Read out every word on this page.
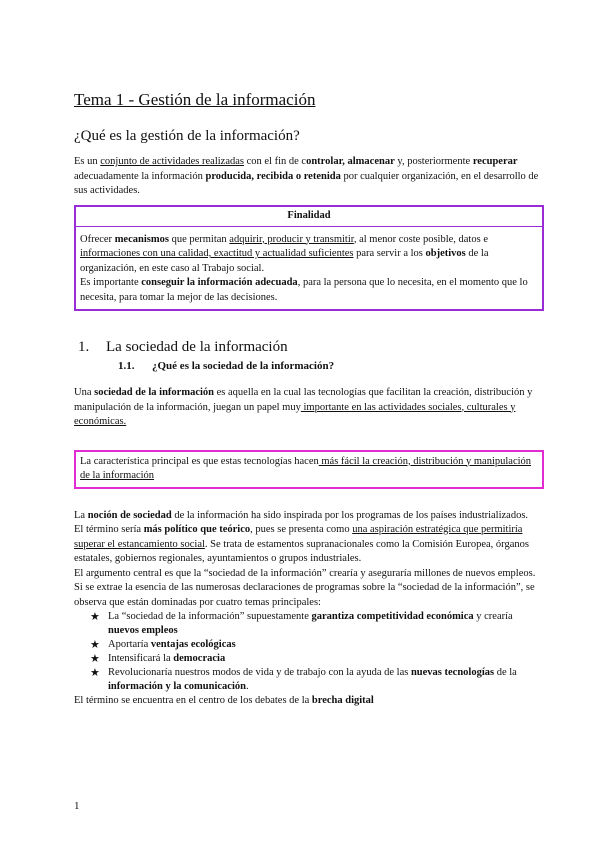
Tema 1 - Gestión de la información
¿Qué es la gestión de la información?

Es un conjunto de actividades realizadas con el fin de controlar, almacenar y, posteriormente recuperar adecuadamente la información producida, recibida o retenida por cualquier organización, en el desarrollo de sus actividades.

Finalidad

Ofrecer mecanismos que permitan adquirir, producir y transmitir, al menor coste posible, datos e informaciones con una calidad, exactitud y actualidad suficientes para servir a los objetivos de la organización, en este caso al Trabajo social.

Es importante conseguir la información adecuada, para la persona que lo necesita, en el momento que lo necesita, para tomar la mejor de las decisiones.

1.	La sociedad de la información
1.1.	¿Qué es la sociedad de la información?

Una sociedad de la información es aquella en la cual las tecnologías que facilitan la creación, distribución y manipulación de la información, juegan un papel muy importante en las actividades sociales, culturales y económicas.

La característica principal es que estas tecnologías hacen más fácil la creación, distribución y manipulación de la información

La noción de sociedad de la información ha sido inspirada por los programas de los países industrializados.

El término sería más político que teórico, pues se presenta como una aspiración estratégica que permitiría superar el estancamiento social. Se trata de estamentos supranacionales como la Comisión Europea, órganos estatales, gobiernos regionales, ayuntamientos o grupos industriales.

El argumento central es que la “sociedad de la información” crearía y aseguraría millones de nuevos empleos.

Si se extrae la esencia de las numerosas declaraciones de programas sobre la “sociedad de la información”, se observa que están dominadas por cuatro temas principales:

★ La “sociedad de la información” supuestamente garantiza competitividad económica y crearía nuevos empleos
★ Aportaría ventajas ecológicas
★ Intensificará la democracia
★ Revolucionaría nuestros modos de vida y de trabajo con la ayuda de las nuevas tecnologías de la información y la comunicación.

El término se encuentra en el centro de los debates de la brecha digital

1
